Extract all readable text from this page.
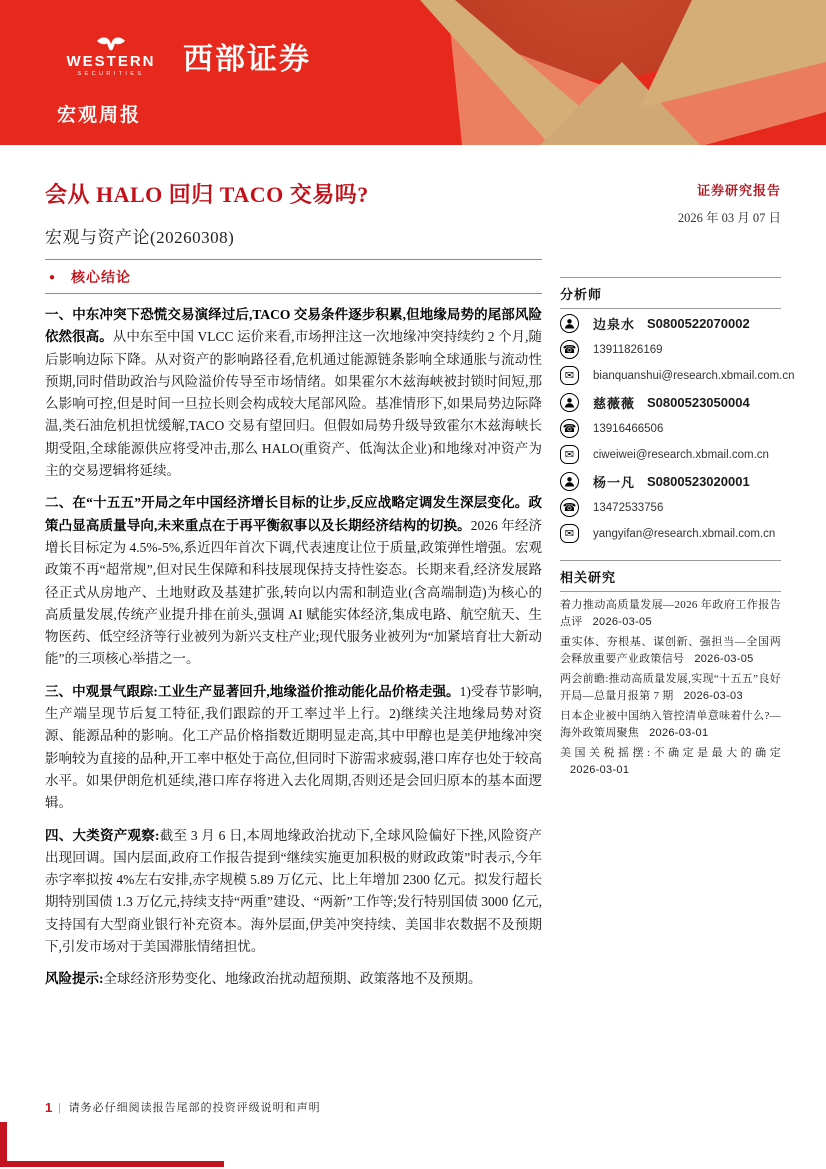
WESTERN
SECURITIES 西部证券
宏观周报
证券研究报告
2026 年 03 月 07 日
会从 HALO 回归 TACO 交易吗?
宏观与资产论(20260308)
● 核心结论

一、中东冲突下恐慌交易演绎过后,TACO 交易条件逐步积累,但地缘局势的尾部风险依然很高。从中东至中国 VLCC 运价来看,市场押注这一次地缘冲突持续约 2 个月,随后影响边际下降。从对资产的影响路径看,危机通过能源链条影响全球通胀与流动性预期,同时借助政治与风险溢价传导至市场情绪。如果霍尔木兹海峡被封锁时间短,那么影响可控,但是时间一旦拉长则会构成较大尾部风险。基准情形下,如果局势边际降温,类石油危机担忧缓解,TACO 交易有望回归。但假如局势升级导致霍尔木兹海峡长期受阻,全球能源供应将受冲击,那么 HALO(重资产、低淘汰企业)和地缘对冲资产为主的交易逻辑将延续。

二、在“十五五”开局之年中国经济增长目标的让步,反应战略定调发生深层变化。政策凸显高质量导向,未来重点在于再平衡叙事以及长期经济结构的切换。2026 年经济增长目标定为 4.5%-5%,系近四年首次下调,代表速度让位于质量,政策弹性增强。宏观政策不再“超常规”,但对民生保障和科技展现保持支持性姿态。长期来看,经济发展路径正式从房地产、土地财政及基建扩张,转向以内需和制造业(含高端制造)为核心的高质量发展,传统产业提升排在前头,强调 AI 赋能实体经济,集成电路、航空航天、生物医药、低空经济等行业被列为新兴支柱产业;现代服务业被列为“加紧培育壮大新动能”的三项核心举措之一。

三、中观景气跟踪:工业生产显著回升,地缘溢价推动能化品价格走强。1)受春节影响,生产端呈现节后复工特征,我们跟踪的开工率过半上行。2)继续关注地缘局势对资源、能源品种的影响。化工产品价格指数近期明显走高,其中甲醇也是美伊地缘冲突影响较为直接的品种,开工率中枢处于高位,但同时下游需求疲弱,港口库存也处于较高水平。如果伊朗危机延续,港口库存将进入去化周期,否则还是会回归原本的基本面逻辑。

四、大类资产观察:截至 3 月 6 日,本周地缘政治扰动下,全球风险偏好下挫,风险资产出现回调。国内层面,政府工作报告提到“继续实施更加积极的财政政策”时表示,今年赤字率拟按 4%左右安排,赤字规模 5.89 万亿元、比上年增加 2300 亿元。拟发行超长期特别国债 1.3 万亿元,持续支持“两重”建设、“两新”工作等;发行特别国债 3000 亿元,支持国有大型商业银行补充资本。海外层面,伊美冲突持续、美国非农数据不及预期下,引发市场对于美国滞胀情绪担忧。

风险提示:全球经济形势变化、地缘政治扰动超预期、政策落地不及预期。

分析师
边泉水 S0800522070002
☎ 13911826169
✉	bianquanshui@research.xbmail.com.cn
慈薇薇 S0800523050004
☎ 13916466506
✉	ciweiwei@research.xbmail.com.cn
杨一凡 S0800523020001
☎ 13472533756
✉	yangyifan@research.xbmail.com.cn
相关研究
着力推动高质量发展—2026 年政府工作报告点评 2026-03-05
重实体、夯根基、谋创新、强担当—全国两会释放重要产业政策信号 2026-03-05
两会前瞻:推动高质量发展,实现“十五五”良好开局—总量月报第 7 期 2026-03-03
日本企业被中国纳入管控清单意味着什么?—海外政策周聚焦 2026-03-01
美国关税摇摆:不确定是最大的确定2026-03-01
1 | 请务必仔细阅读报告尾部的投资评级说明和声明
